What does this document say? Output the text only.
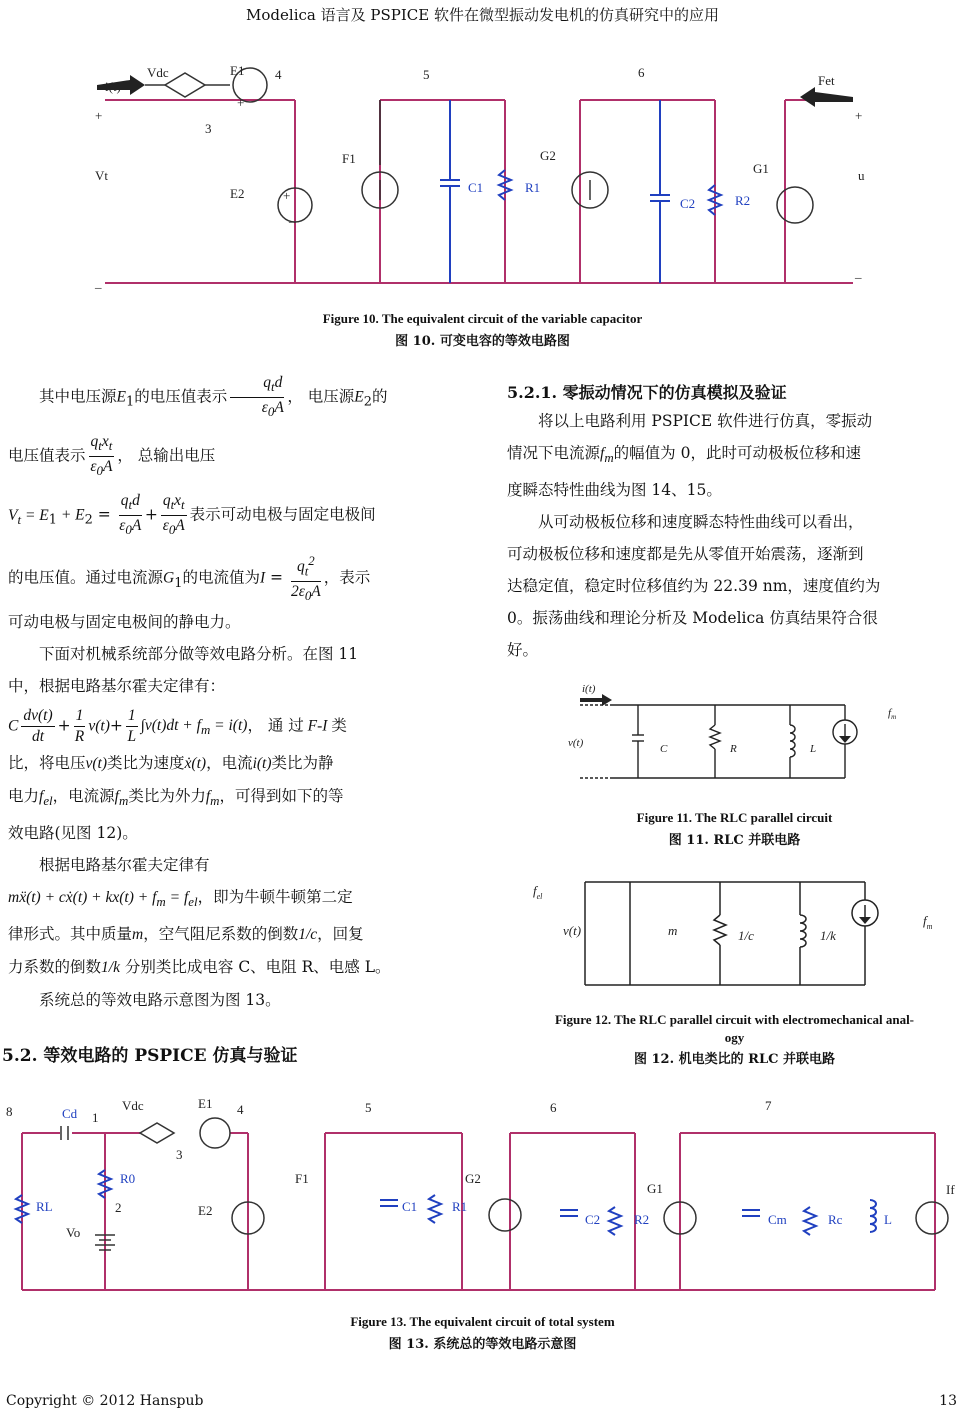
Modelica 语言及 PSPICE 软件在微型振动发电机的仿真研究中的应用
Vdc	E1
i(t)
3
4	5	6
Fet
+	+
Vt	u
E2
F1	G2
G1
_
_
+
_
+
C1	R1
C2	R2
Figure 10. The equivalent circuit of the variable capacitor
图 10. 可变电容的等效电路图
其中电压源$E_1$的电压值表示 $\frac{q_td}{\varepsilon_0A}$ ， 电压源$E_2$的
电压值表示 $\frac{q_tx_t}{\varepsilon_0A}$ ， 总输出电压
$V_t = E_1 + E_2 = \frac{q_td}{\varepsilon_0A} + \frac{q_tx_t}{\varepsilon_0A}$ 表示可动电极与固定电极间
的电压值。通过电流源$G_1$的电流值为$I = \frac{q_t^2}{2\varepsilon_0A}$ ，表示
可动电极与固定电极间的静电力。
下面对机械系统部分做等效电路分析。在图 11
中，根据电路基尔霍夫定律有：
C $\frac{dv(t)}{dt} + \frac{1}{R} v(t)+ \frac{1}{L} \int v(t)dt + f_m = i(t)$， 通 过 F-I 类
比，将电压v(t)类比为速度ẋ(t)，电流i(t)类比为静
电力$f_{el}$，电流源$f_m$类比为外力$f_m$，可得到如下的等
效电路(见图 12)。
根据电路基尔霍夫定律有
mẍ(t) + cẋ(t) + $kx(t) + f_m = f_{el}$，即为牛顿牛顿第二定
律形式。其中质量m，空气阻尼系数的倒数1/c，回复
力系数的倒数1/k 分别类比成电容 C、电阻 R、电感 L。
系统总的等效电路示意图为图 13。
5.2. 等效电路的 PSPICE 仿真与验证
5.2.1. 零振动情况下的仿真模拟及验证
将以上电路利用 PSPICE 软件进行仿真，零振动
情况下电流源$f_m$的幅值为 0，此时可动极板位移和速
度瞬态特性曲线为图 14、15。
从可动极板位移和速度瞬态特性曲线可以看出，
可动极板位移和速度都是先从零值开始震荡，逐渐到
达稳定值，稳定时位移值约为 22.39 nm，速度值约为
0。振荡曲线和理论分析及 Modelica 仿真结果符合很
好。
i(t)
v(t)	C	R	L
$f_m$
Figure 11. The RLC parallel circuit
图 11. RLC 并联电路
$f_{el}$
v(t)	m	1/c	1/k
$f_m$
Figure 12. The RLC parallel circuit with electromechanical anal-
ogy
图 12. 机电类比的 RLC 并联电路
8	1
Vdc	E1 4	5	6	7
3
2
Vo
E2
F1	G2
G1	If
Cd
R0
RL	C1	R1
C2	R2	Cm	Rc	L
Figure 13. The equivalent circuit of total system
图 13. 系统总的等效电路示意图
Copyright © 2012 Hanspub	13
